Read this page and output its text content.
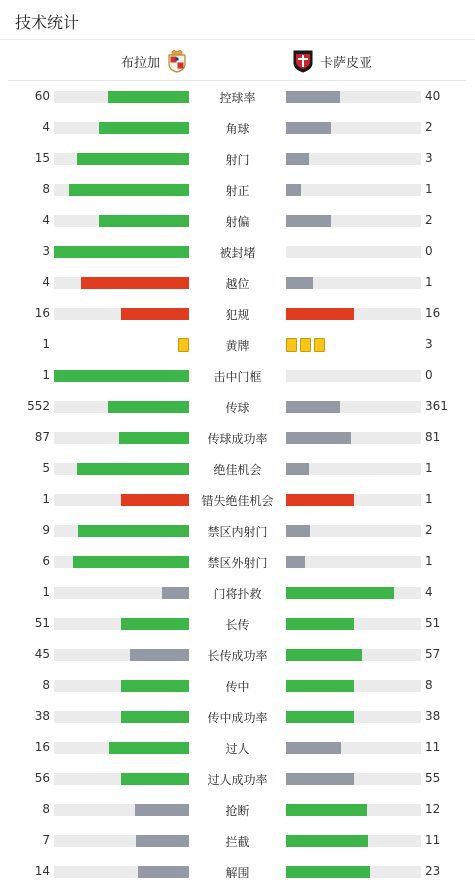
技术统计
布拉加	卡萨皮亚
60	控球率	40
4	角球	2
15	射门	3
8	射正	1
4	射偏	2
3	被封堵	0
4	越位	1
16	犯规	16
1	黄牌	3
1	击中门框	0
552	传球	361
87	传球成功率	81
5	绝佳机会	1
1	错失绝佳机会	1
9	禁区内射门	2
6	禁区外射门	1
1	门将扑救	4
51	长传	51
45	长传成功率	57
8	传中	8
38	传中成功率	38
16	过人	11
56	过人成功率	55
8	抢断	12
7	拦截	11
14	解围	23
